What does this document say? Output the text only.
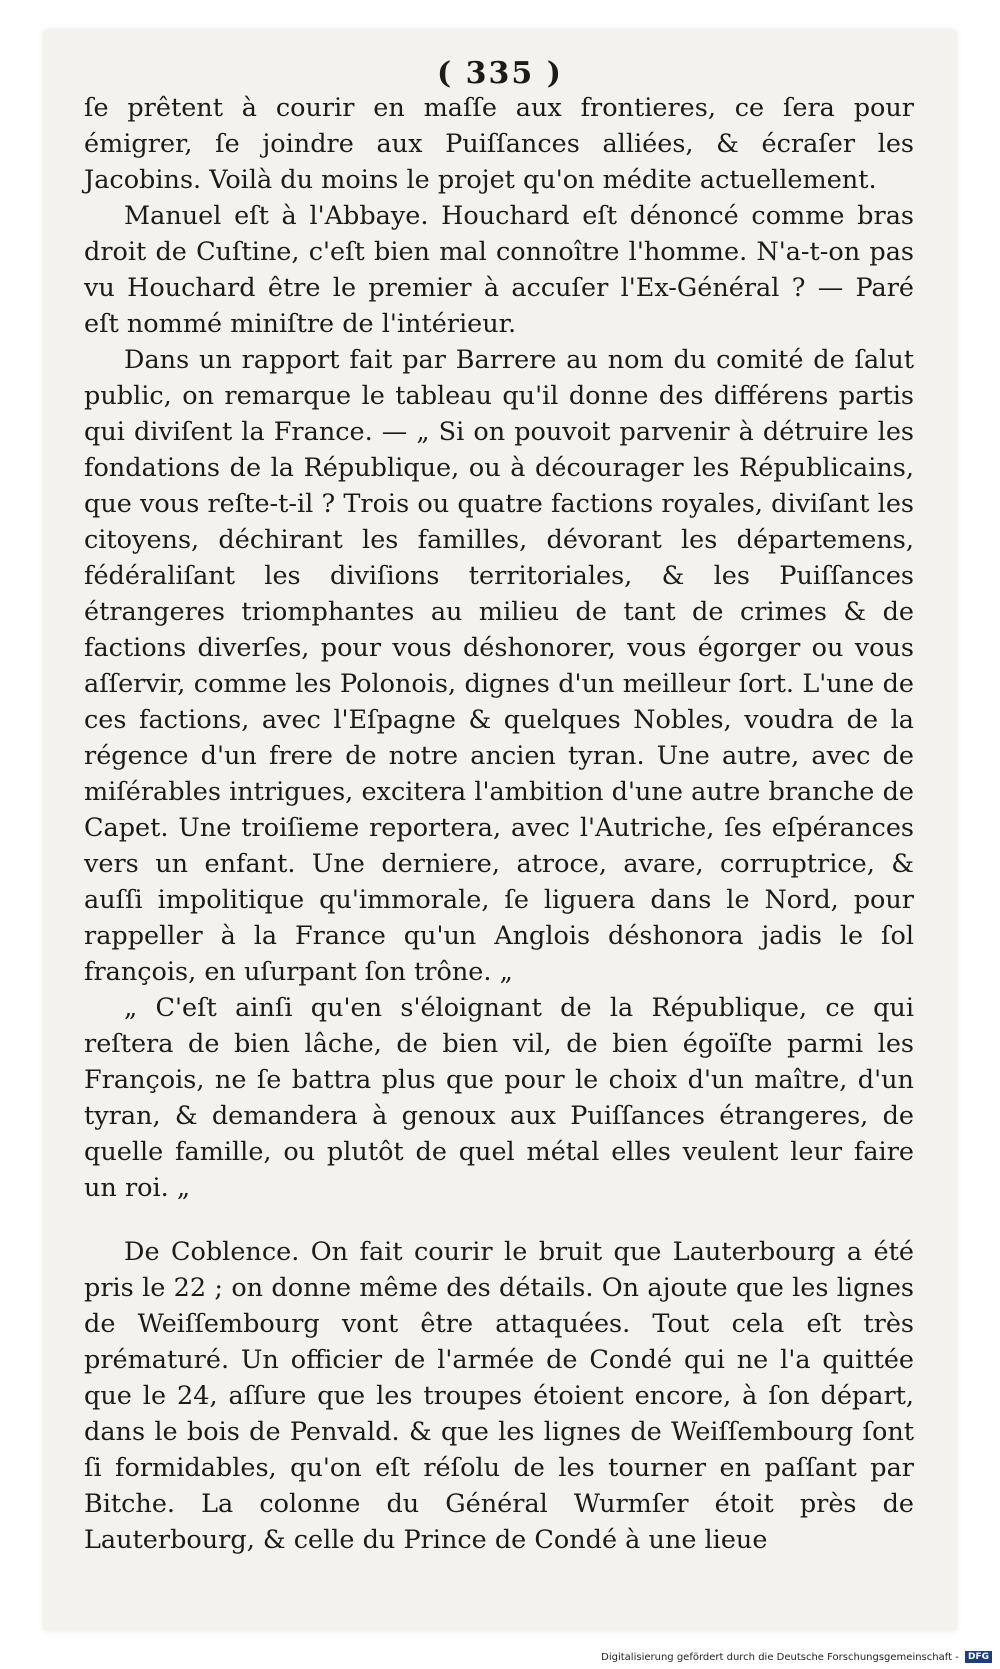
( 335 )

ſe prêtent à courir en maſſe aux frontieres, ce ſera pour émigrer, ſe joindre aux Puiſſances alliées, & écraſer les Jacobins. Voilà du moins le projet qu'on médite actuellement.

Manuel eſt à l'Abbaye. Houchard eſt dénoncé comme bras droit de Cuſtine, c'eſt bien mal connoître l'homme. N'a-t-on pas vu Houchard être le premier à accuſer l'Ex-Général ? — Paré eſt nommé miniſtre de l'intérieur.

Dans un rapport fait par Barrere au nom du comité de ſalut public, on remarque le tableau qu'il donne des différens partis qui diviſent la France. — „ Si on pouvoit parvenir à détruire les fondations de la République, ou à décourager les Républicains, que vous reſte-t-il ? Trois ou quatre factions royales, diviſant les citoyens, déchirant les familles, dévorant les départemens, fédéraliſant les diviſions territoriales, & les Puiſſances étrangeres triomphantes au milieu de tant de crimes & de factions diverſes, pour vous déshonorer, vous égorger ou vous aſſervir, comme les Polonois, dignes d'un meilleur ſort. L'une de ces factions, avec l'Eſpagne & quelques Nobles, voudra de la régence d'un frere de notre ancien tyran. Une autre, avec de miſérables intrigues, excitera l'ambition d'une autre branche de Capet. Une troiſieme reportera, avec l'Autriche, ſes eſpérances vers un enfant. Une derniere, atroce, avare, corruptrice, & auſſi impolitique qu'immorale, ſe liguera dans le Nord, pour rappeller à la France qu'un Anglois déshonora jadis le ſol françois, en uſurpant ſon trône. „

„ C'eſt ainſi qu'en s'éloignant de la République, ce qui reſtera de bien lâche, de bien vil, de bien égoïſte parmi les François, ne ſe battra plus que pour le choix d'un maître, d'un tyran, & demandera à genoux aux Puiſſances étrangeres, de quelle famille, ou plutôt de quel métal elles veulent leur faire un roi. „

De Coblence. On fait courir le bruit que Lauterbourg a été pris le 22 ; on donne même des détails. On ajoute que les lignes de Weiſſembourg vont être attaquées. Tout cela eſt très prématuré. Un officier de l'armée de Condé qui ne l'a quittée que le 24, aſſure que les troupes étoient encore, à ſon départ, dans le bois de Penvald. & que les lignes de Weiſſembourg ſont ſi formidables, qu'on eſt réſolu de les tourner en paſſant par Bitche. La colonne du Général Wurmſer étoit près de Lauterbourg, & celle du Prince de Condé à une lieue

Digitalisierung gefördert durch die Deutsche Forschungsgemeinschaft - DFG
